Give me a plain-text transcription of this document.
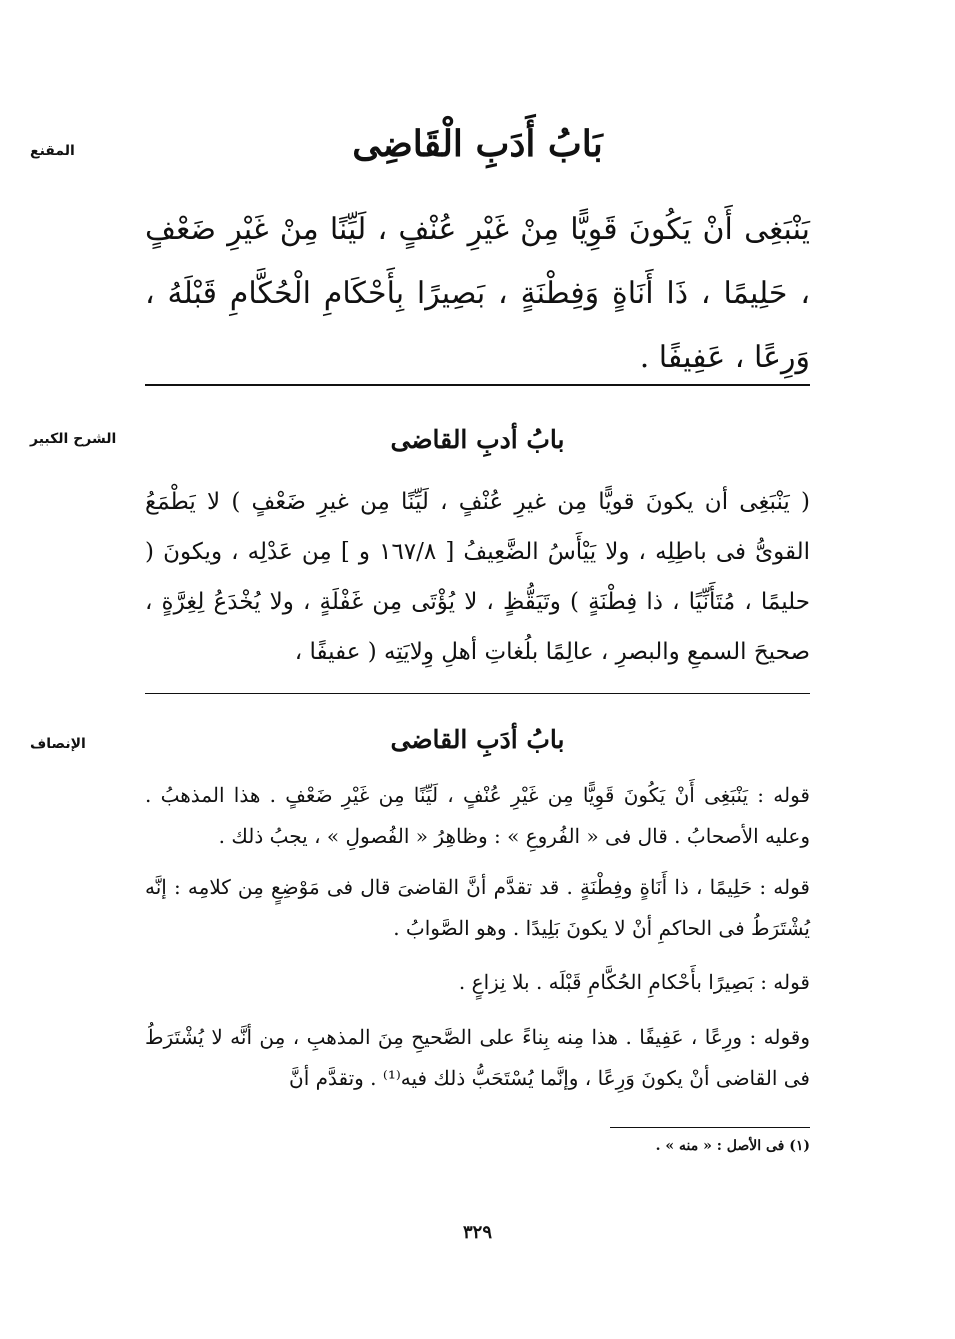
المقنع	بَابُ أَدَبِ الْقَاضِى
يَنْبَغِى أَنْ يَكُونَ قَوِيًّا مِنْ غَيْرِ عُنْفٍ ، لَيِّنًا مِنْ غَيْرِ ضَعْفٍ ، حَلِيمًا ، ذَا أَنَاةٍ وَفِطْنَةٍ ، بَصِيرًا بِأَحْكَامِ الْحُكَّامِ قَبْلَهُ ، وَرِعًا ، عَفِيفًا .
الشرح الكبير	بابُ أدبِ القاضى
( يَنْبَغِى أن يكونَ قويًّا مِن غيرِ عُنْفٍ ، لَيِّنًا مِن غيرِ ضَعْفٍ ) لا يَطْمَعُ القوىُّ فى باطِلِه ، ولا يَيْأَسُ الضَّعِيفُ [ ١٦٧/٨ و ] مِن عَدْلِه ، ويكونَ ( حليمًا ، مُتَأَنِّيًا ، ذا فِطْنَةٍ ) وتَيَقُّظٍ ، لا يُؤْتَى مِن غَفْلَةٍ ، ولا يُخْدَعُ لِغِرَّةٍ ، صحيحَ السمعِ والبصرِ ، عالِمًا بلُغاتِ أهلِ وِلايَتِه ( عفيفًا ،
الإنصاف	بابُ أدَبِ القاضى
قوله : يَنْبَغِى أَنْ يَكُونَ قَوِيًّا مِن غَيْرِ عُنْفٍ ، لَيِّنًا مِن غَيْرِ ضَعْفٍ . هذا المذهبُ . وعليه الأصحابُ . قال فى « الفُروعِ » : وظاهِرُ « الفُصولِ » ، يجبُ ذلك .
قوله : حَلِيمًا ، ذا أَنَاةٍ وفِطْنَةٍ . قد تقدَّم أنَّ القاضىَ قال فى مَوْضِعٍ مِن كلامِه : إنَّه يُشْتَرَطُ فى الحاكمِ أنْ لا يكونَ بَلِيدًا . وهو الصَّوابُ .
قوله : بَصِيرًا بأَحْكامِ الحُكَّامِ قَبْلَه . بلا نِزاعٍ .
وقوله : ورِعًا ، عَفِيفًا . هذا مِنه بِناءً على الصَّحيحِ مِنَ المذهبِ ، مِن أنَّه لا يُشْتَرَطُ فى القاضى أنْ يكونَ وَرِعًا ، وإنَّما يُسْتَحَبُّ ذلك فيه⁽¹⁾ . وتقدَّم أنَّ
(١) فى الأصل : « منه » .
٣٢٩
